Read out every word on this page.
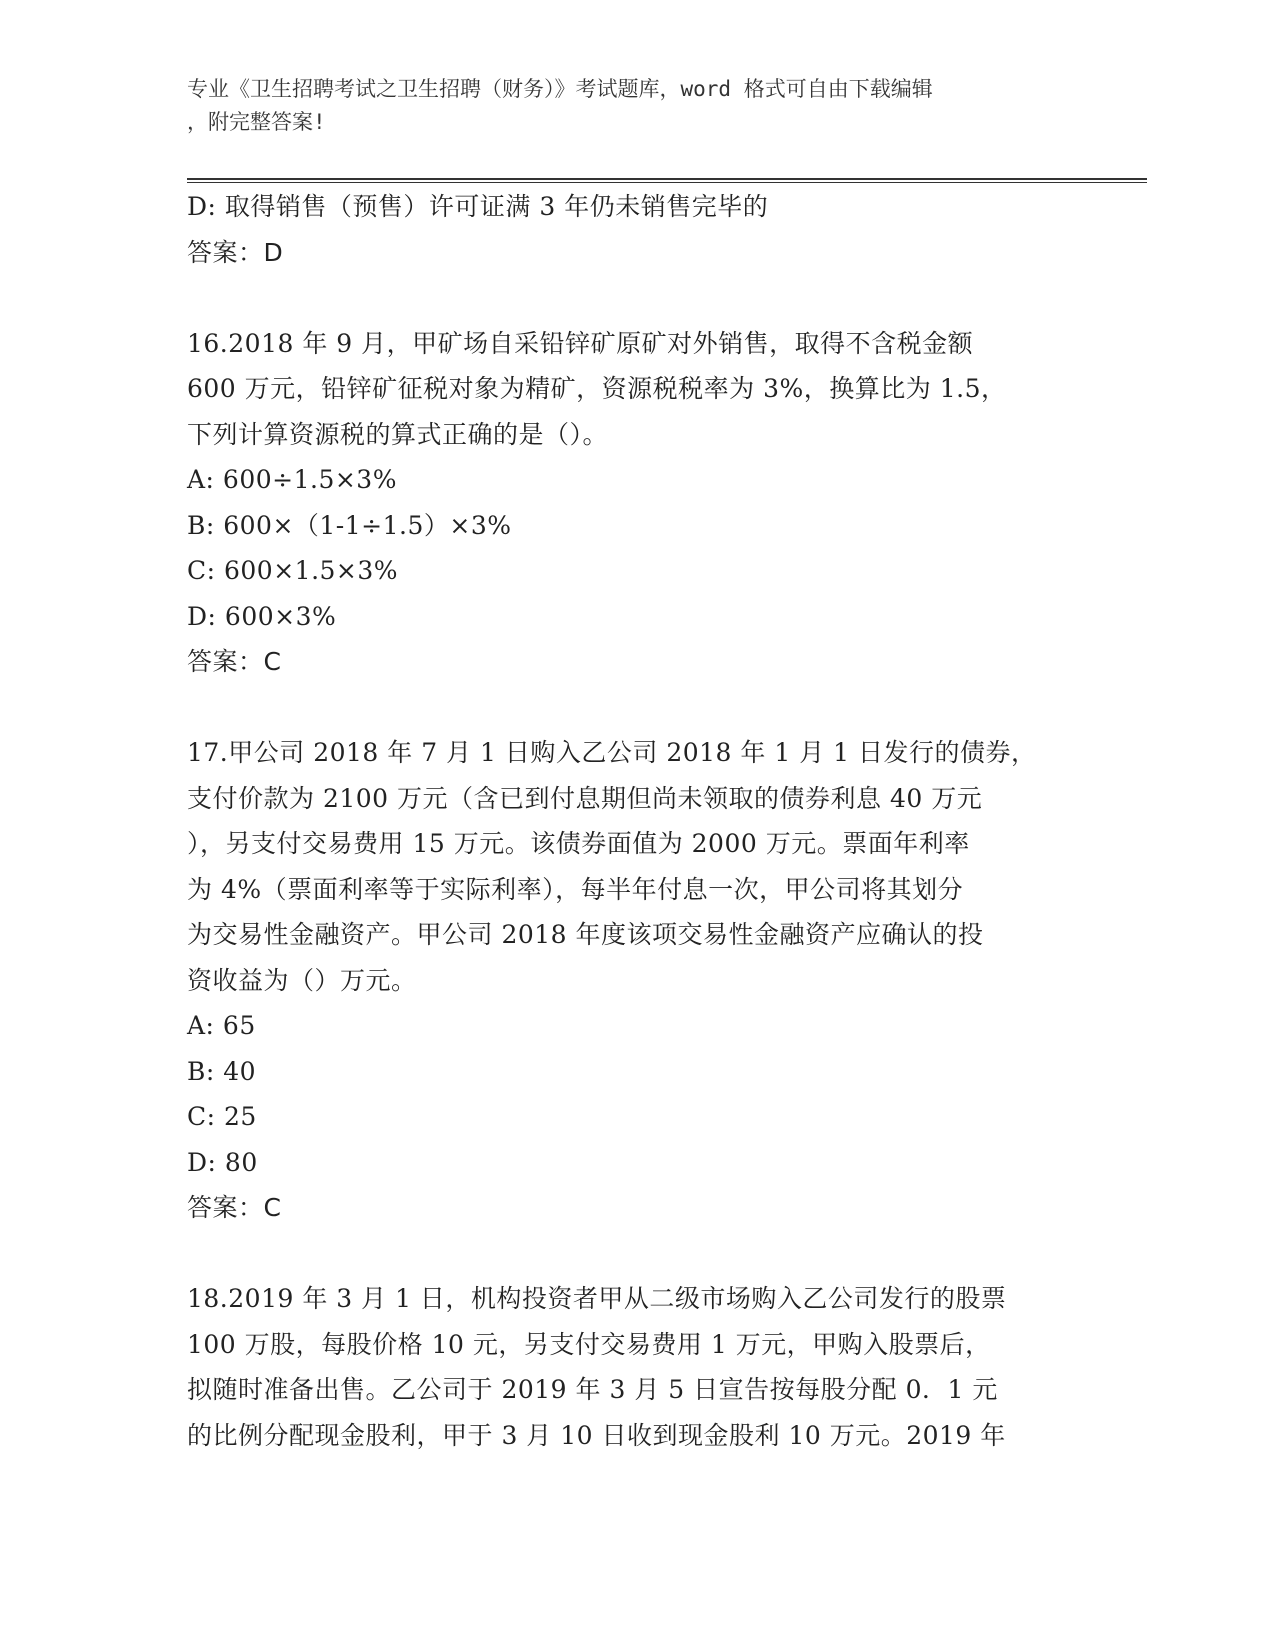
专业《卫生招聘考试之卫生招聘（财务）》考试题库，word 格式可自由下载编辑
，附完整答案!
D: 取得销售（预售）许可证满 3 年仍未销售完毕的
答案：D
16.2018 年 9 月，甲矿场自采铅锌矿原矿对外销售，取得不含税金额
600 万元，铅锌矿征税对象为精矿，资源税税率为 3%，换算比为 1.5，
下列计算资源税的算式正确的是（）。
A: 600÷1.5×3%
B: 600×（1-1÷1.5）×3%
C: 600×1.5×3%
D: 600×3%
答案：C
17.甲公司 2018 年 7 月 1 日购入乙公司 2018 年 1 月 1 日发行的债券，
支付价款为 2100 万元（含已到付息期但尚未领取的债券利息 40 万元
），另支付交易费用 15 万元。该债券面值为 2000 万元。票面年利率
为 4%（票面利率等于实际利率），每半年付息一次，甲公司将其划分
为交易性金融资产。甲公司 2018 年度该项交易性金融资产应确认的投
资收益为（）万元。
A: 65
B: 40
C: 25
D: 80
答案：C
18.2019 年 3 月 1 日，机构投资者甲从二级市场购入乙公司发行的股票
100 万股，每股价格 10 元，另支付交易费用 1 万元，甲购入股票后，
拟随时准备出售。乙公司于 2019 年 3 月 5 日宣告按每股分配 0．1 元
的比例分配现金股利，甲于 3 月 10 日收到现金股利 10 万元。2019 年
